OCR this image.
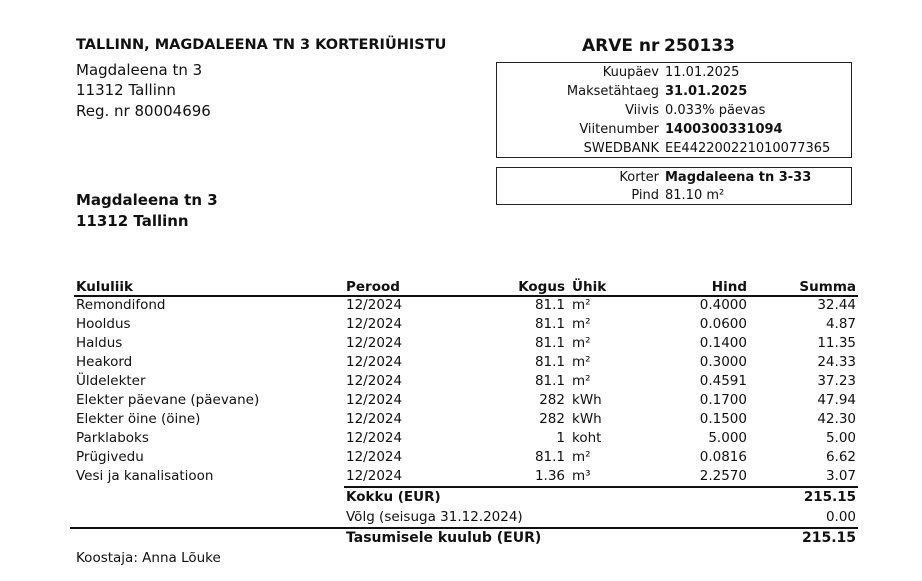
TALLINN, MAGDALEENA TN 3 KORTERIÜHISTU
Magdaleena tn 3
11312 Tallinn
Reg. nr 80004696
ARVE nr 250133
Kuupäev 11.01.2025
Maksetähtaeg 31.01.2025
Viivis 0.033% päevas
Viitenumber 1400300331094
SWEDBANK EE442200221010077365
Korter Magdaleena tn 3-33
Pind 81.10 m²
Magdaleena tn 3
11312 Tallinn
Kululiik	Perood	Kogus Ühik	Hind	Summa
Remondifond	12/2024	81.1 m²	0.4000	32.44
Hooldus	12/2024	81.1 m²	0.0600	4.87
Haldus	12/2024	81.1 m²	0.1400	11.35
Heakord	12/2024	81.1 m²	0.3000	24.33
Üldelekter	12/2024	81.1 m²	0.4591	37.23
Elekter päevane (päevane)	12/2024	282 kWh	0.1700	47.94
Elekter öine (öine)	12/2024	282 kWh	0.1500	42.30
Parklaboks	12/2024	1 koht	5.000	5.00
Prügivedu	12/2024	81.1 m²	0.0816	6.62
Vesi ja kanalisatioon	12/2024	1.36 m³	2.2570	3.07
Kokku (EUR)	215.15
Võlg (seisuga 31.12.2024)	0.00
Tasumisele kuulub (EUR)	215.15
Koostaja: Anna Lõuke
